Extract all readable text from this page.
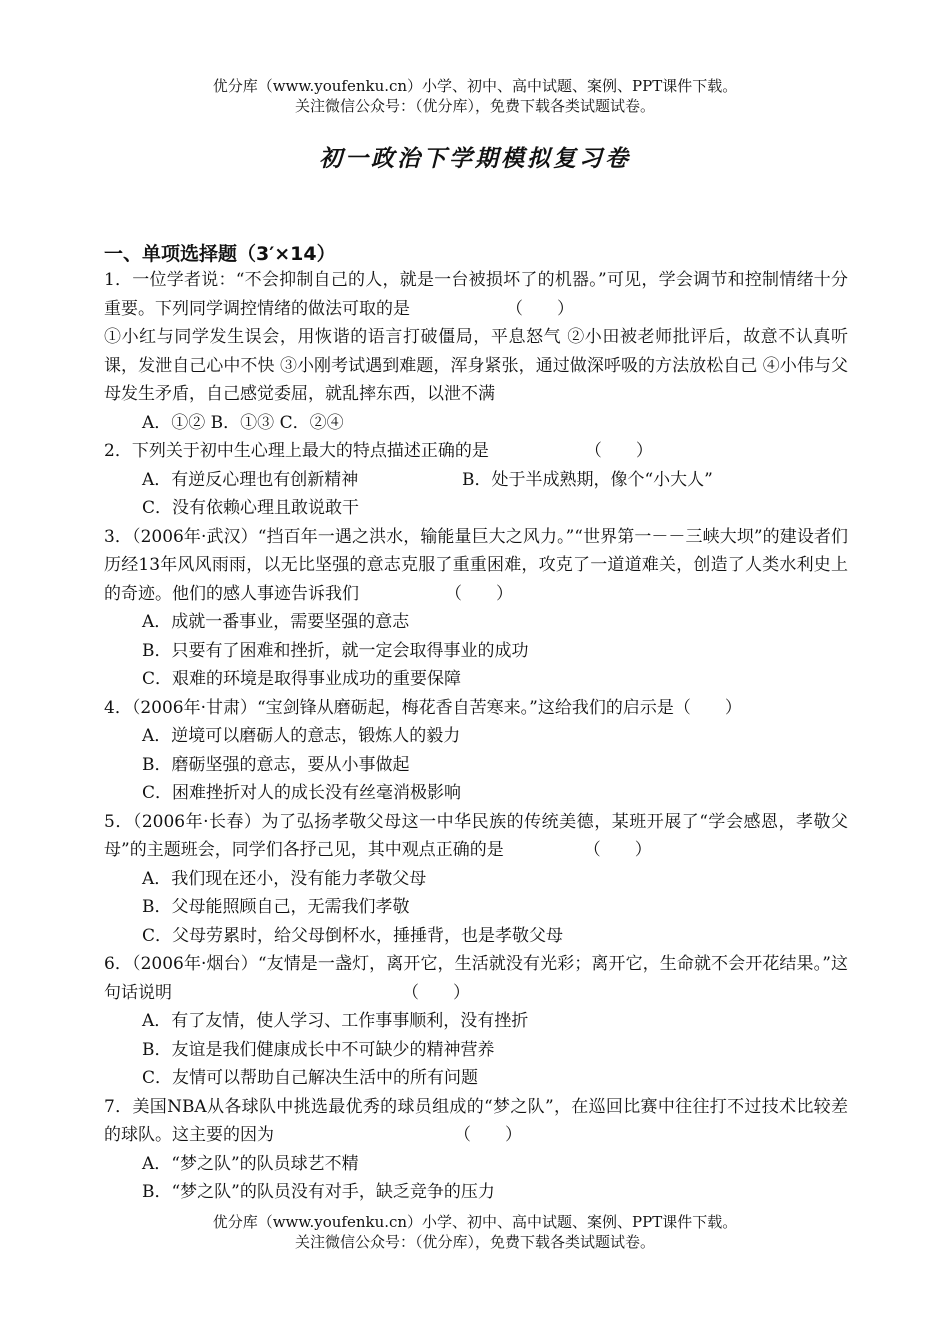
优分库（www.youfenku.cn）小学、初中、高中试题、案例、PPT课件下载。
关注微信公众号：（优分库），免费下载各类试题试卷。
初一政治下学期模拟复习卷
一、单项选择题（3′×14）

1．一位学者说：“不会抑制自己的人，就是一台被损坏了的机器。”可见，学会调节和控制情绪十分重要。下列同学调控情绪的做法可取的是	（　　）

①小红与同学发生误会，用恢谐的语言打破僵局，平息怒气 ②小田被老师批评后，故意不认真听课，发泄自己心中不快 ③小刚考试遇到难题，浑身紧张，通过做深呼吸的方法放松自己 ④小伟与父母发生矛盾，自己感觉委屈，就乱摔东西，以泄不满

A．①② B．①③ C．②④

2．下列关于初中生心理上最大的特点描述正确的是	（　　）

A．有逆反心理也有创新精神	B．处于半成熟期，像个“小大人”

C．没有依赖心理且敢说敢干

3．（2006年·武汉）“挡百年一遇之洪水，输能量巨大之风力。”“世界第一－－三峡大坝”的建设者们历经13年风风雨雨，以无比坚强的意志克服了重重困难，攻克了一道道难关，创造了人类水利史上的奇迹。他们的感人事迹告诉我们	（　　）

A．成就一番事业，需要坚强的意志

B．只要有了困难和挫折，就一定会取得事业的成功

C．艰难的环境是取得事业成功的重要保障

4．（2006年·甘肃）“宝剑锋从磨砺起，梅花香自苦寒来。”这给我们的启示是（　　）

A．逆境可以磨砺人的意志，锻炼人的毅力

B．磨砺坚强的意志，要从小事做起

C．困难挫折对人的成长没有丝毫消极影响

5．（2006年·长春）为了弘扬孝敬父母这一中华民族的传统美德，某班开展了“学会感恩，孝敬父母”的主题班会，同学们各抒己见，其中观点正确的是	（　　）

A．我们现在还小，没有能力孝敬父母

B．父母能照顾自己，无需我们孝敬

C．父母劳累时，给父母倒杯水，捶捶背，也是孝敬父母

6．（2006年·烟台）“友情是一盏灯，离开它，生活就没有光彩；离开它，生命就不会开花结果。”这句话说明	（　　）

A．有了友情，使人学习、工作事事顺利，没有挫折

B．友谊是我们健康成长中不可缺少的精神营养

C．友情可以帮助自己解决生活中的所有问题

7．美国NBA从各球队中挑选最优秀的球员组成的“梦之队”，在巡回比赛中往往打不过技术比较差的球队。这主要的因为	（　　）

A．“梦之队”的队员球艺不精

B．“梦之队”的队员没有对手，缺乏竞争的压力

优分库（www.youfenku.cn）小学、初中、高中试题、案例、PPT课件下载。
关注微信公众号：（优分库），免费下载各类试题试卷。
